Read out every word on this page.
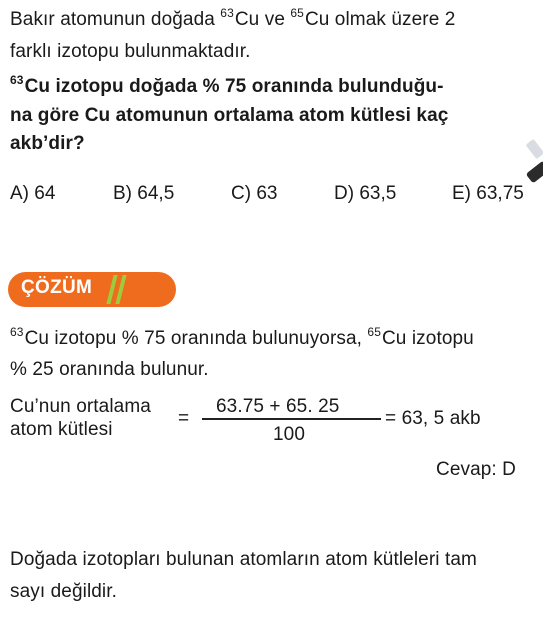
Bakır atomunun doğada $^{63}$Cu ve $^{65}$Cu olmak üzere 2
farklı izotopu bulunmaktadır.
$^{63}$Cu izotopu doğada % 75 oranında bulunduğu-
na göre Cu atomunun ortalama atom kütlesi kaç
akb’dir?
A) 64	B) 64,5	C) 63	D) 63,5	E) 63,75
ÇÖZÜM
$^{63}$Cu izotopu % 75 oranında bulunuyorsa, $^{65}$Cu izotopu
% 25 oranında bulunur.
Cu’nun ortalama
atom kütlesi
=
63.75 + 65. 25
100
= 63, 5 akb
Cevap: D
Doğada izotopları bulunan atomların atom kütleleri tam
sayı değildir.
